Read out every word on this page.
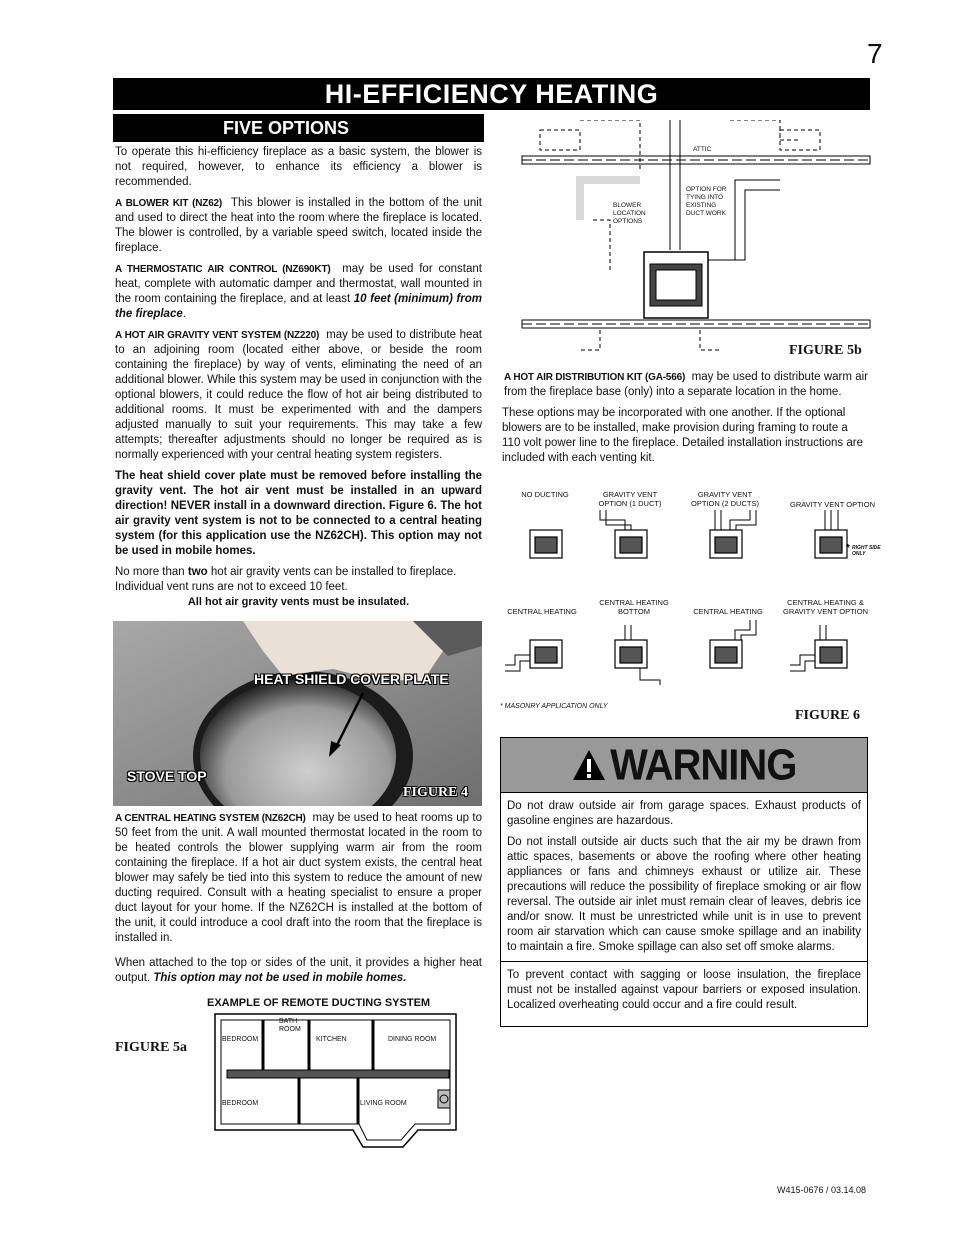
7
HI-EFFICIENCY HEATING
FIVE OPTIONS

To operate this hi-efficiency fireplace as a basic system, the blower is not required, however, to enhance its efficiency a blower is recommended.

A BLOWER KIT (NZ62) This blower is installed in the bottom of the unit and used to direct the heat into the room where the fireplace is located. The blower is controlled, by a variable speed switch, located inside the fireplace.

A THERMOSTATIC AIR CONTROL (NZ690KT) may be used for constant heat, complete with automatic damper and thermostat, wall mounted in the room containing the fireplace, and at least 10 feet (minimum) from the fireplace.

A HOT AIR GRAVITY VENT SYSTEM (NZ220) may be used to distribute heat to an adjoining room (located either above, or beside the room containing the fireplace) by way of vents, eliminating the need of an additional blower. While this system may be used in conjunction with the optional blowers, it could reduce the flow of hot air being distributed to additional rooms. It must be experimented with and the dampers adjusted manually to suit your requirements. This may take a few attempts; thereafter adjustments should no longer be required as is normally experienced with your central heating system registers.

The heat shield cover plate must be removed before installing the gravity vent. The hot air vent must be installed in an upward direction! NEVER install in a downward direction. Figure 6. The hot air gravity vent system is not to be connected to a central heating system (for this application use the NZ62CH). This option may not be used in mobile homes.

No more than two hot air gravity vents can be installed to fireplace. Individual vent runs are not to exceed 10 feet.

All hot air gravity vents must be insulated.

HEAT SHIELD COVER PLATE
STOVE TOP
FIGURE 4

A CENTRAL HEATING SYSTEM (NZ62CH) may be used to heat rooms up to 50 feet from the unit. A wall mounted thermostat located in the room to be heated controls the blower supplying warm air from the room containing the fireplace. If a hot air duct system exists, the central heat blower may safely be tied into this system to reduce the amount of new ducting required. Consult with a heating specialist to ensure a proper duct layout for your home. If the NZ62CH is installed at the bottom of the unit, it could introduce a cool draft into the room that the fireplace is installed in.

When attached to the top or sides of the unit, it provides a higher heat output. This option may not be used in mobile homes.

EXAMPLE OF REMOTE DUCTING SYSTEM
FIGURE 5a
BEDROOM
BATH ROOM
KITCHEN	DINING ROOM
BEDROOM	LIVING ROOM
ATTIC
BLOWER LOCATION OPTIONS
OPTION FOR TYING INTO EXISTING DUCT WORK
FIGURE 5b

A HOT AIR DISTRIBUTION KIT (GA-566) may be used to distribute warm air from the fireplace base (only) into a separate location in the home.

These options may be incorporated with one another. If the optional blowers are to be installed, make provision during framing to route a 110 volt power line to the fireplace. Detailed installation instructions are included with each venting kit.

NO DUCTING	GRAVITY VENT OPTION (1 DUCT)
GRAVITY VENT OPTION (2 DUCTS)	GRAVITY VENT OPTION
CENTRAL HEATING
CENTRAL HEATING BOTTOM	CENTRAL HEATING
CENTRAL HEATING & GRAVITY VENT OPTION
* RIGHT SIDE ONLY
* MASONRY APPLICATION ONLY
FIGURE 6
WARNING

Do not draw outside air from garage spaces. Exhaust products of gasoline engines are hazardous.

Do not install outside air ducts such that the air my be drawn from attic spaces, basements or above the roofing where other heating appliances or fans and chimneys exhaust or utilize air. These precautions will reduce the possibility of fireplace smoking or air flow reversal. The outside air inlet must remain clear of leaves, debris ice and/or snow. It must be unrestricted while unit is in use to prevent room air starvation which can cause smoke spillage and an inability to maintain a fire. Smoke spillage can also set off smoke alarms.

To prevent contact with sagging or loose insulation, the fireplace must not be installed against vapour barriers or exposed insulation. Localized overheating could occur and a fire could result.

W415-0676 / 03.14.08
